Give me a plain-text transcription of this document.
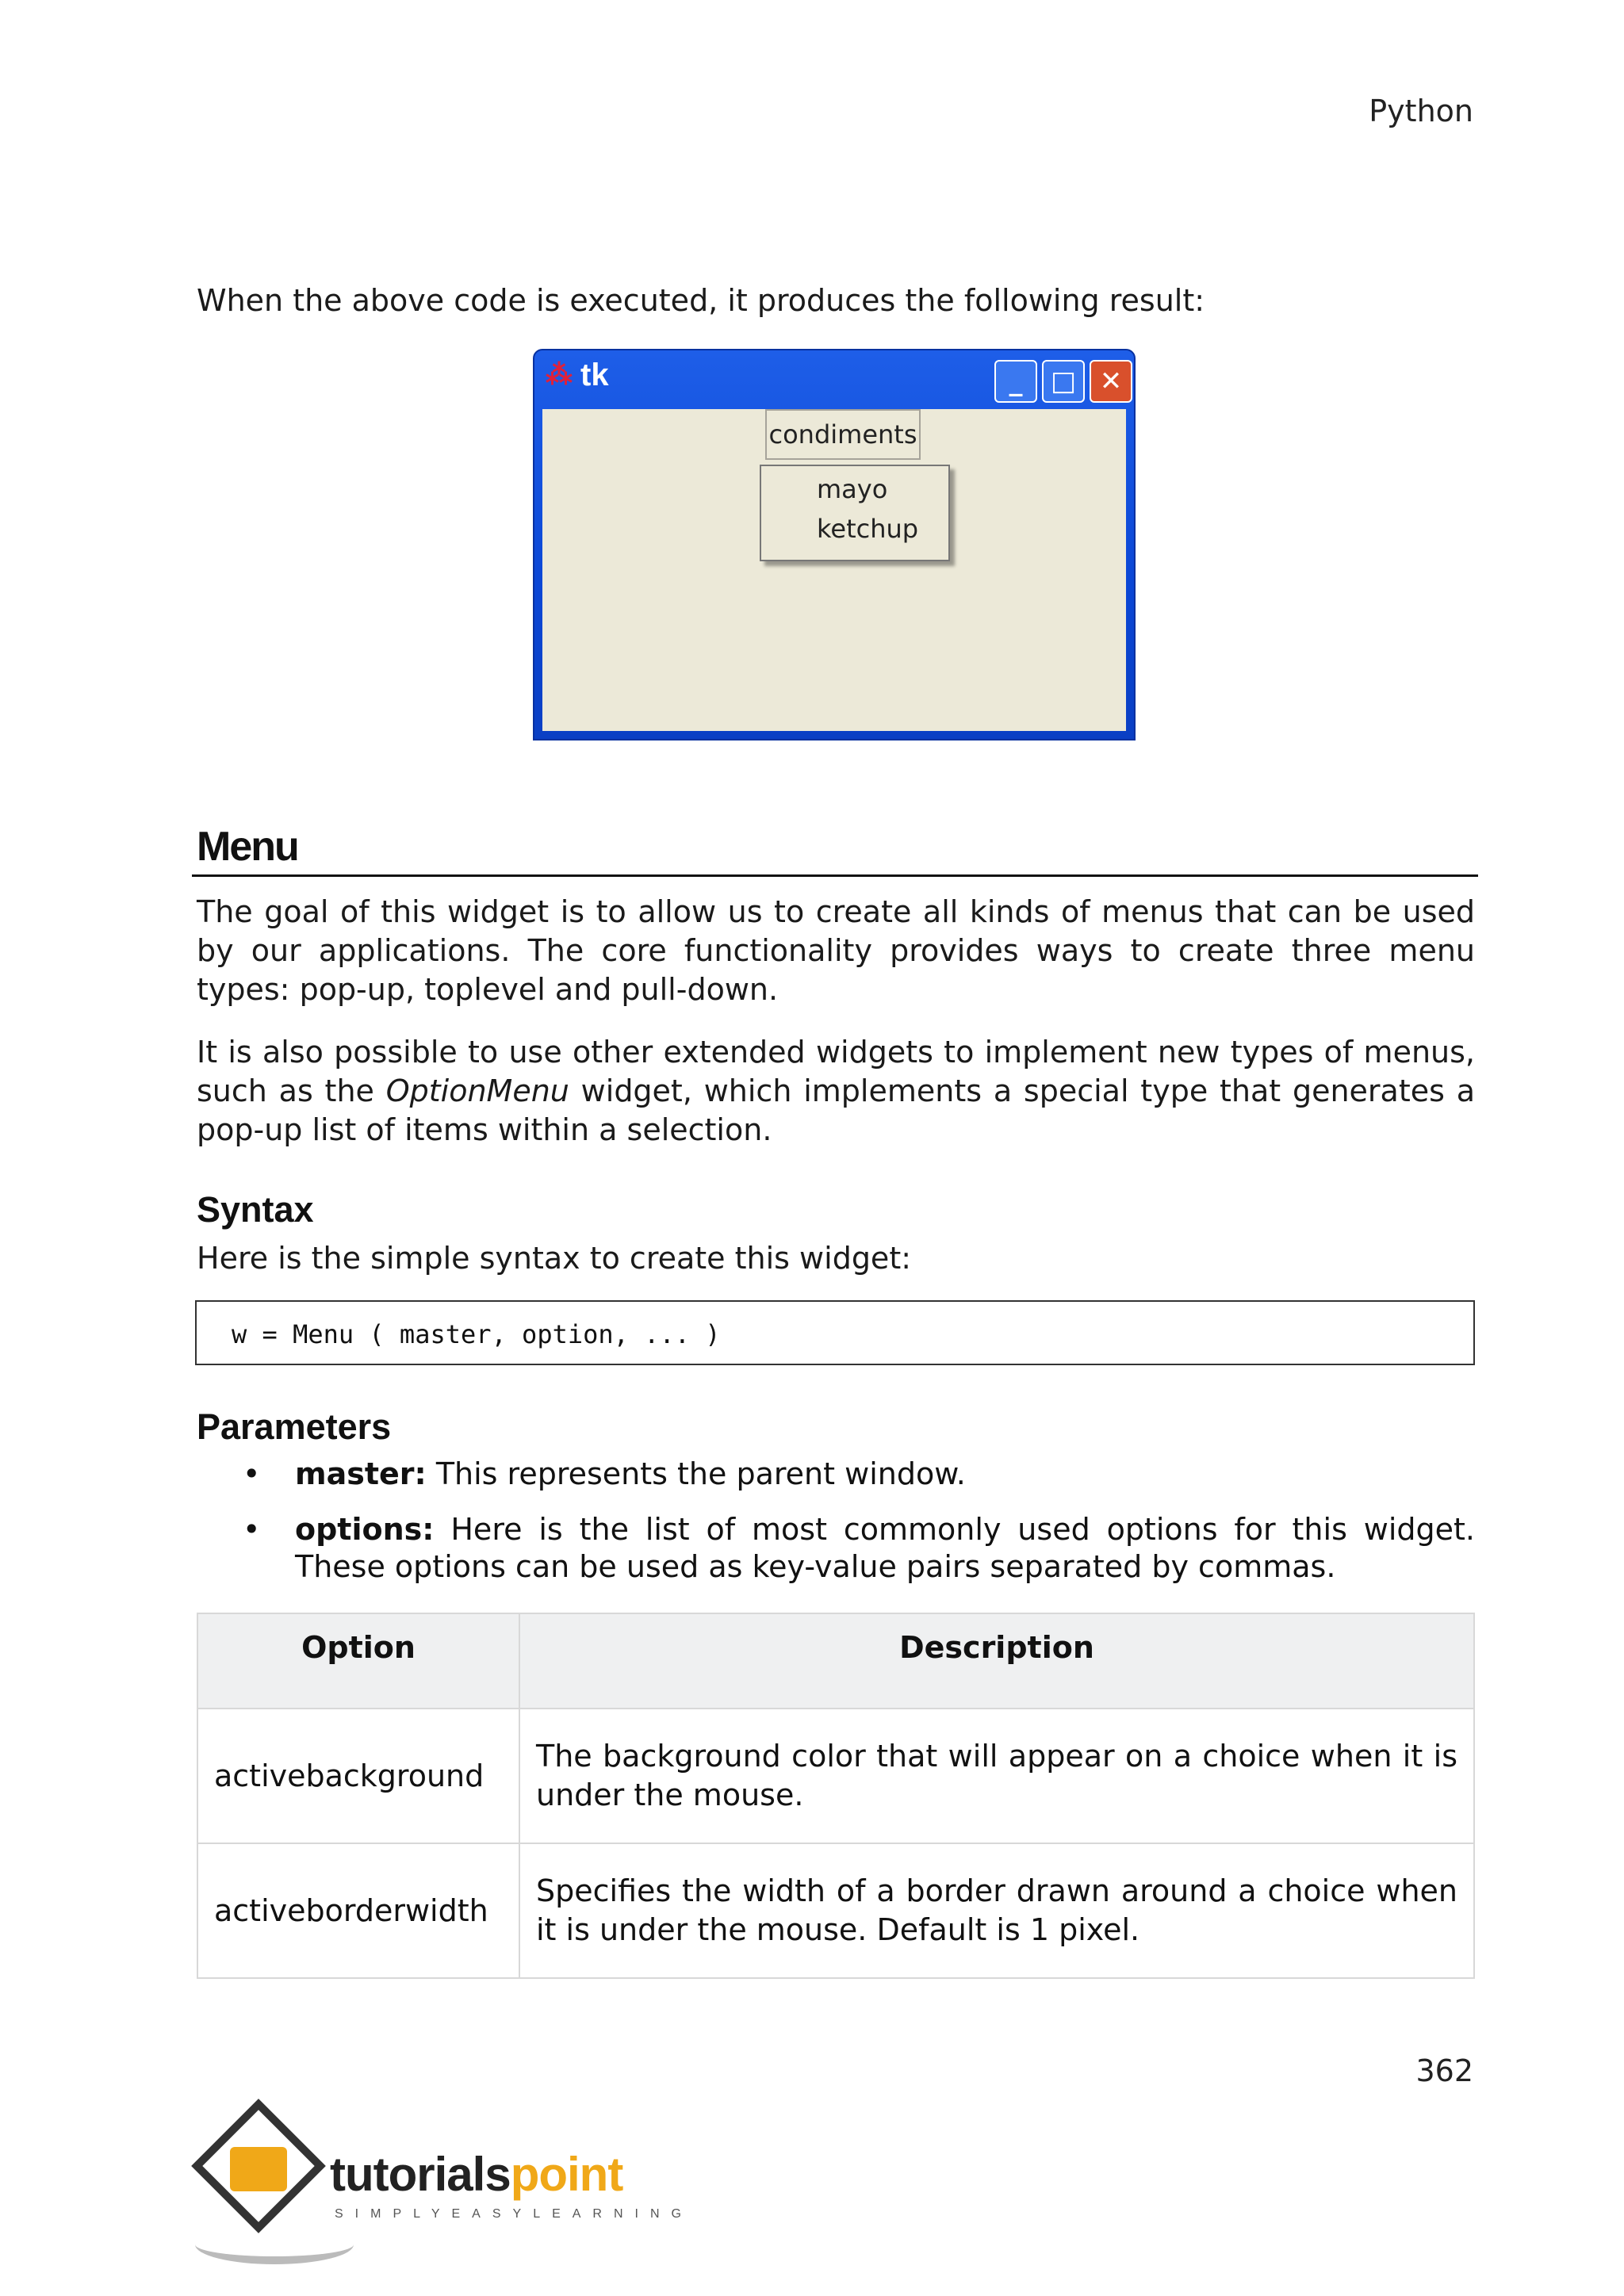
Python
When the above code is executed, it produces the following result:
⁂ tk	_	□ ✕
condiments
mayo
ketchup
Menu
The goal of this widget is to allow us to create all kinds of menus that can be used by our applications. The core functionality provides ways to create three menu types: pop-up, toplevel and pull-down.
It is also possible to use other extended widgets to implement new types of menus, such as the OptionMenu widget, which implements a special type that generates a pop-up list of items within a selection.
Syntax
Here is the simple syntax to create this widget:
w = Menu ( master, option, ... )
Parameters
• master: This represents the parent window.
• options: Here is the list of most commonly used options for this widget. These options can be used as key-value pairs separated by commas.
Option	Description
activebackground	The background color that will appear on a choice when it is under the mouse.
activeborderwidth	Specifies the width of a border drawn around a choice when it is under the mouse. Default is 1 pixel.
362
tutorialspoint
SIMPLYEASYLEARNING
